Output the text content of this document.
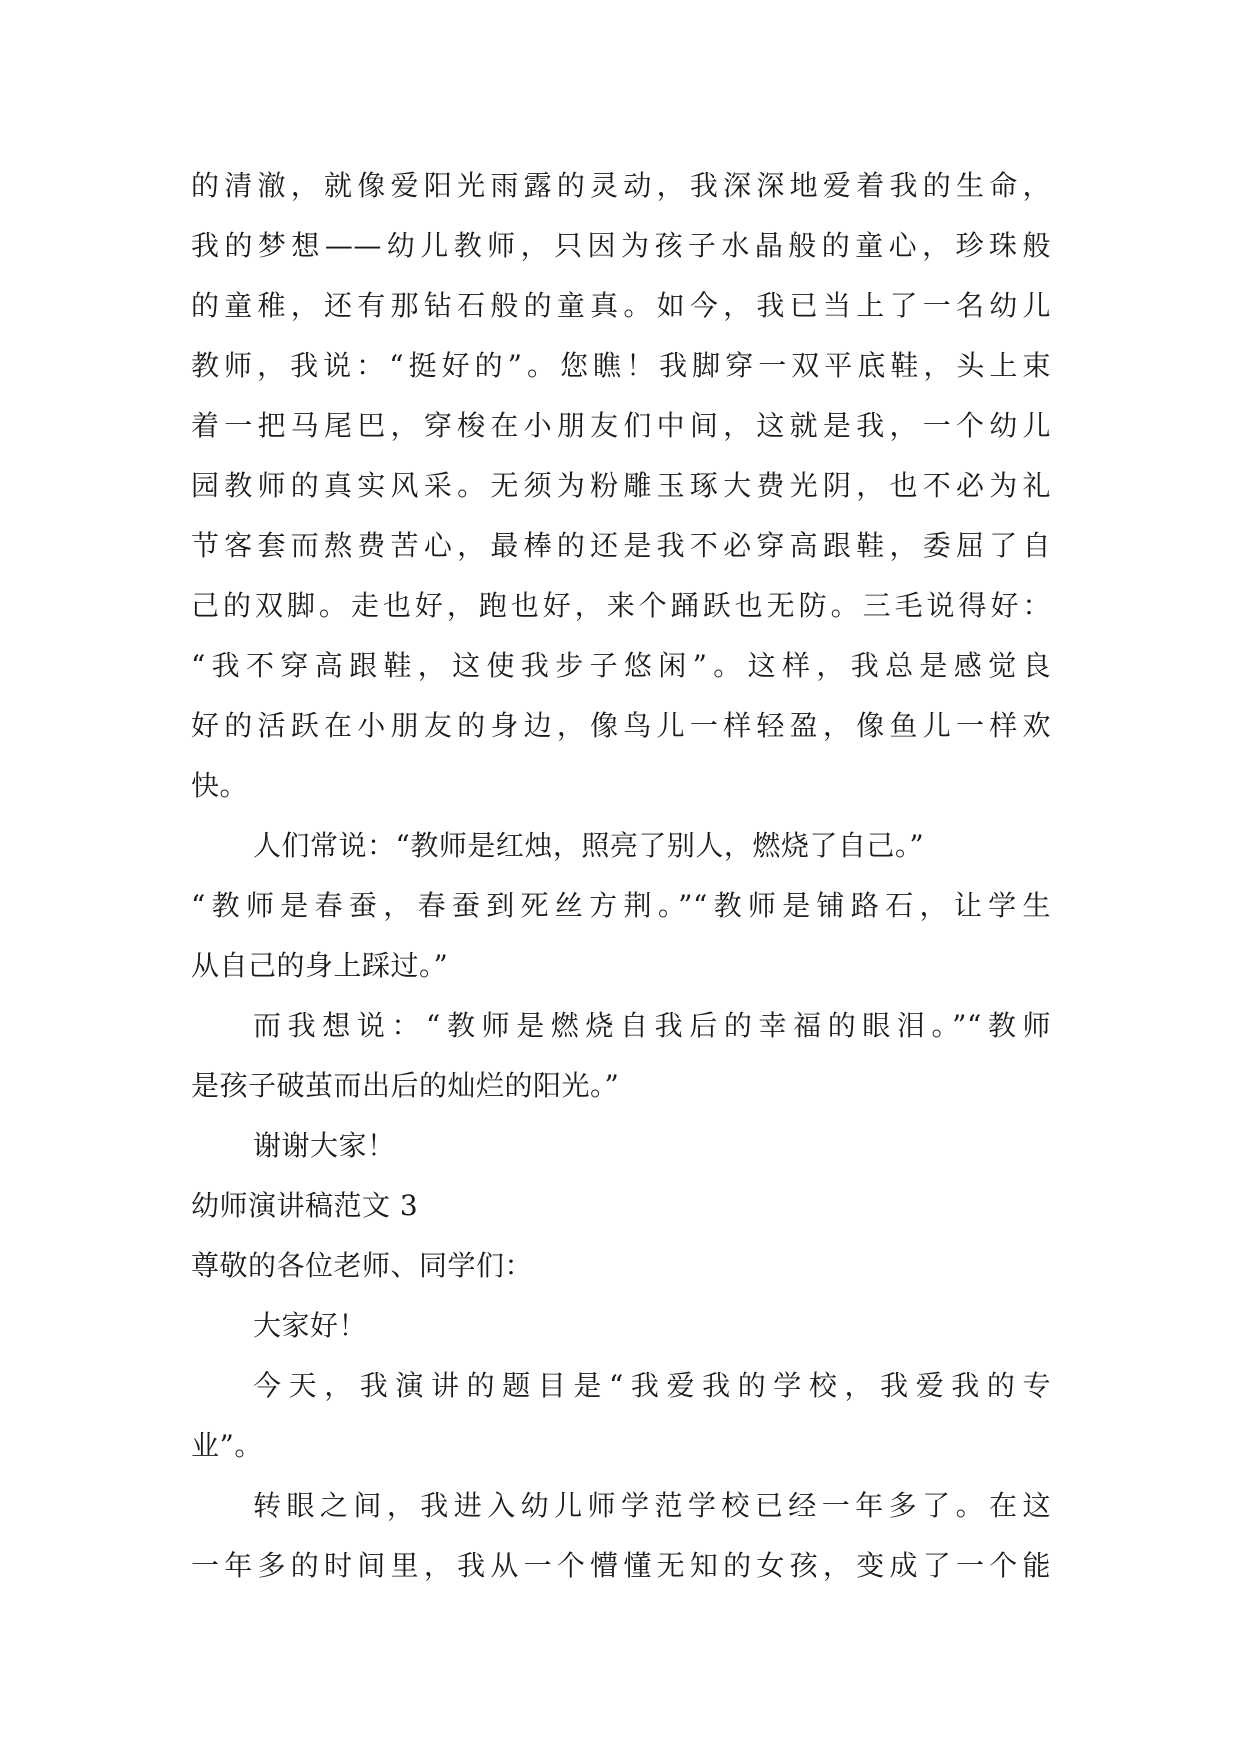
的清澈，就像爱阳光雨露的灵动，我深深地爱着我的生命，
我的梦想——幼儿教师，只因为孩子水晶般的童心，珍珠般
的童稚，还有那钻石般的童真。如今，我已当上了一名幼儿
教师，我说：“挺好的”。您瞧！我脚穿一双平底鞋，头上束
着一把马尾巴，穿梭在小朋友们中间，这就是我，一个幼儿
园教师的真实风采。无须为粉雕玉琢大费光阴，也不必为礼
节客套而熬费苦心，最棒的还是我不必穿高跟鞋，委屈了自
己的双脚。走也好，跑也好，来个踊跃也无防。三毛说得好：
“我不穿高跟鞋，这使我步子悠闲”。这样，我总是感觉良
好的活跃在小朋友的身边，像鸟儿一样轻盈，像鱼儿一样欢
快。
人们常说：“教师是红烛，照亮了别人，燃烧了自己。”
“教师是春蚕，春蚕到死丝方荆。”“教师是铺路石，让学生
从自己的身上踩过。”
而我想说：“教师是燃烧自我后的幸福的眼泪。”“教师
是孩子破茧而出后的灿烂的阳光。”
谢谢大家！
幼师演讲稿范文 3
尊敬的各位老师、同学们：
大家好！
今天，我演讲的题目是“我爱我的学校，我爱我的专
业”。
转眼之间，我进入幼儿师学范学校已经一年多了。在这
一年多的时间里，我从一个懵懂无知的女孩，变成了一个能
